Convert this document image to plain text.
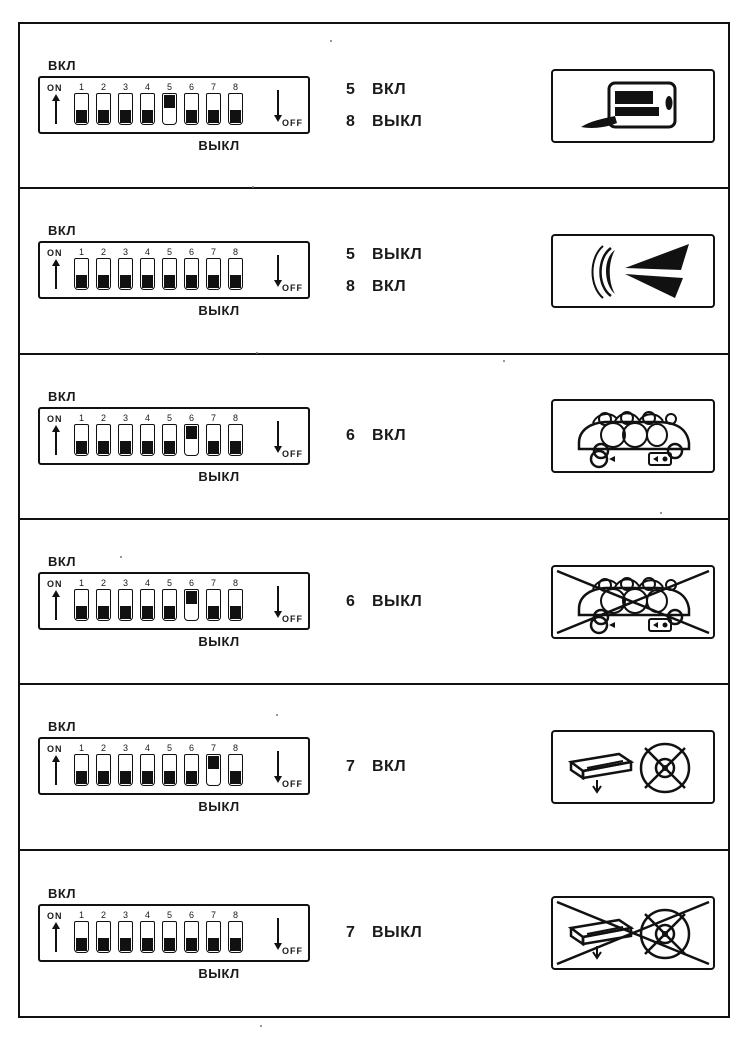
ВКЛ
ON	1	2	3	4	5	6	7	8
OFF
ВЫКЛ
5 ВКЛ
8 ВЫКЛ
ВКЛ
ON	1	2	3	4	5	6	7	8
OFF
ВЫКЛ
5 ВЫКЛ
8 ВКЛ
ВКЛ
ON	1	2	3	4	5	6	7	8
OFF
ВЫКЛ
6 ВКЛ
ВКЛ
ON	1	2	3	4	5	6	7	8
OFF
ВЫКЛ
6 ВЫКЛ
ВКЛ
ON	1	2	3	4	5	6	7	8
OFF
ВЫКЛ
7 ВКЛ
ВКЛ
ON	1	2	3	4	5	6	7	8
OFF
ВЫКЛ
7 ВЫКЛ
